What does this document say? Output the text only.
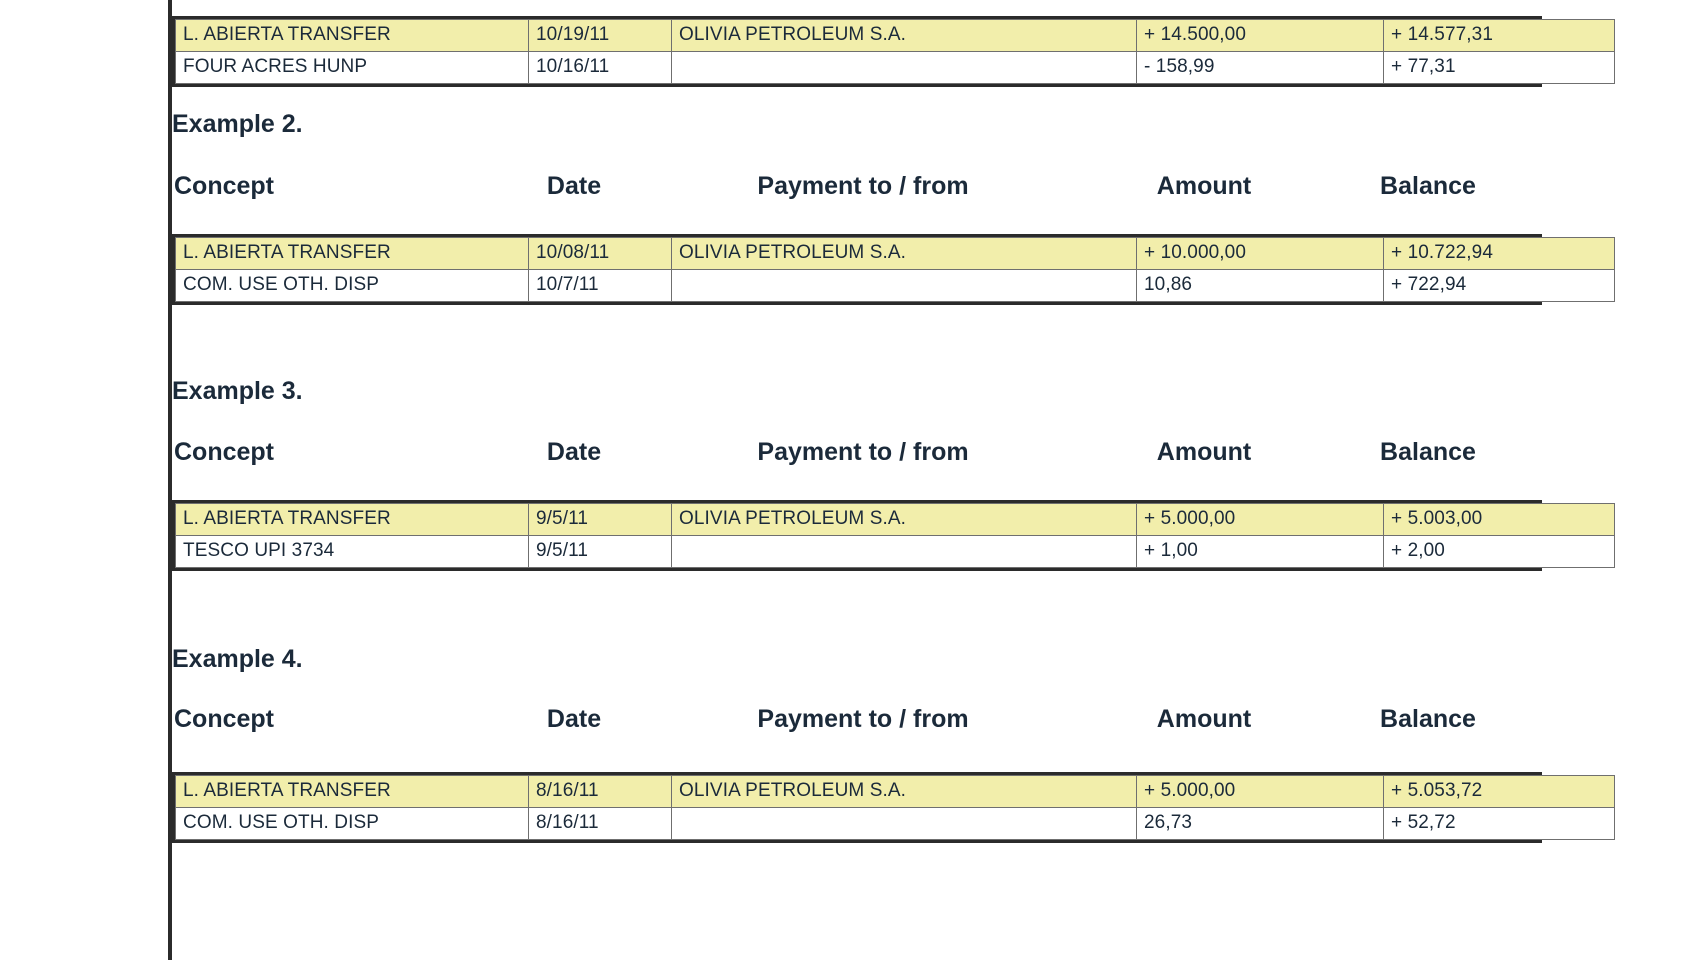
L. ABIERTA TRANSFER	10/19/11	OLIVIA PETROLEUM S.A.	+ 14.500,00	+ 14.577,31
FOUR ACRES HUNP	10/16/11		- 158,99	+ 77,31
Example 2.
Concept	Date	Payment to / from	Amount	Balance
L. ABIERTA TRANSFER	10/08/11	OLIVIA PETROLEUM S.A.	+ 10.000,00	+ 10.722,94
COM. USE OTH. DISP	10/7/11		10,86	+ 722,94
Example 3.
Concept	Date	Payment to / from	Amount	Balance
L. ABIERTA TRANSFER	9/5/11	OLIVIA PETROLEUM S.A.	+ 5.000,00	+ 5.003,00
TESCO UPI 3734	9/5/11		+ 1,00	+ 2,00
Example 4.
Concept	Date	Payment to / from	Amount	Balance
L. ABIERTA TRANSFER	8/16/11	OLIVIA PETROLEUM S.A.	+ 5.000,00	+ 5.053,72
COM. USE OTH. DISP	8/16/11		26,73	+ 52,72
